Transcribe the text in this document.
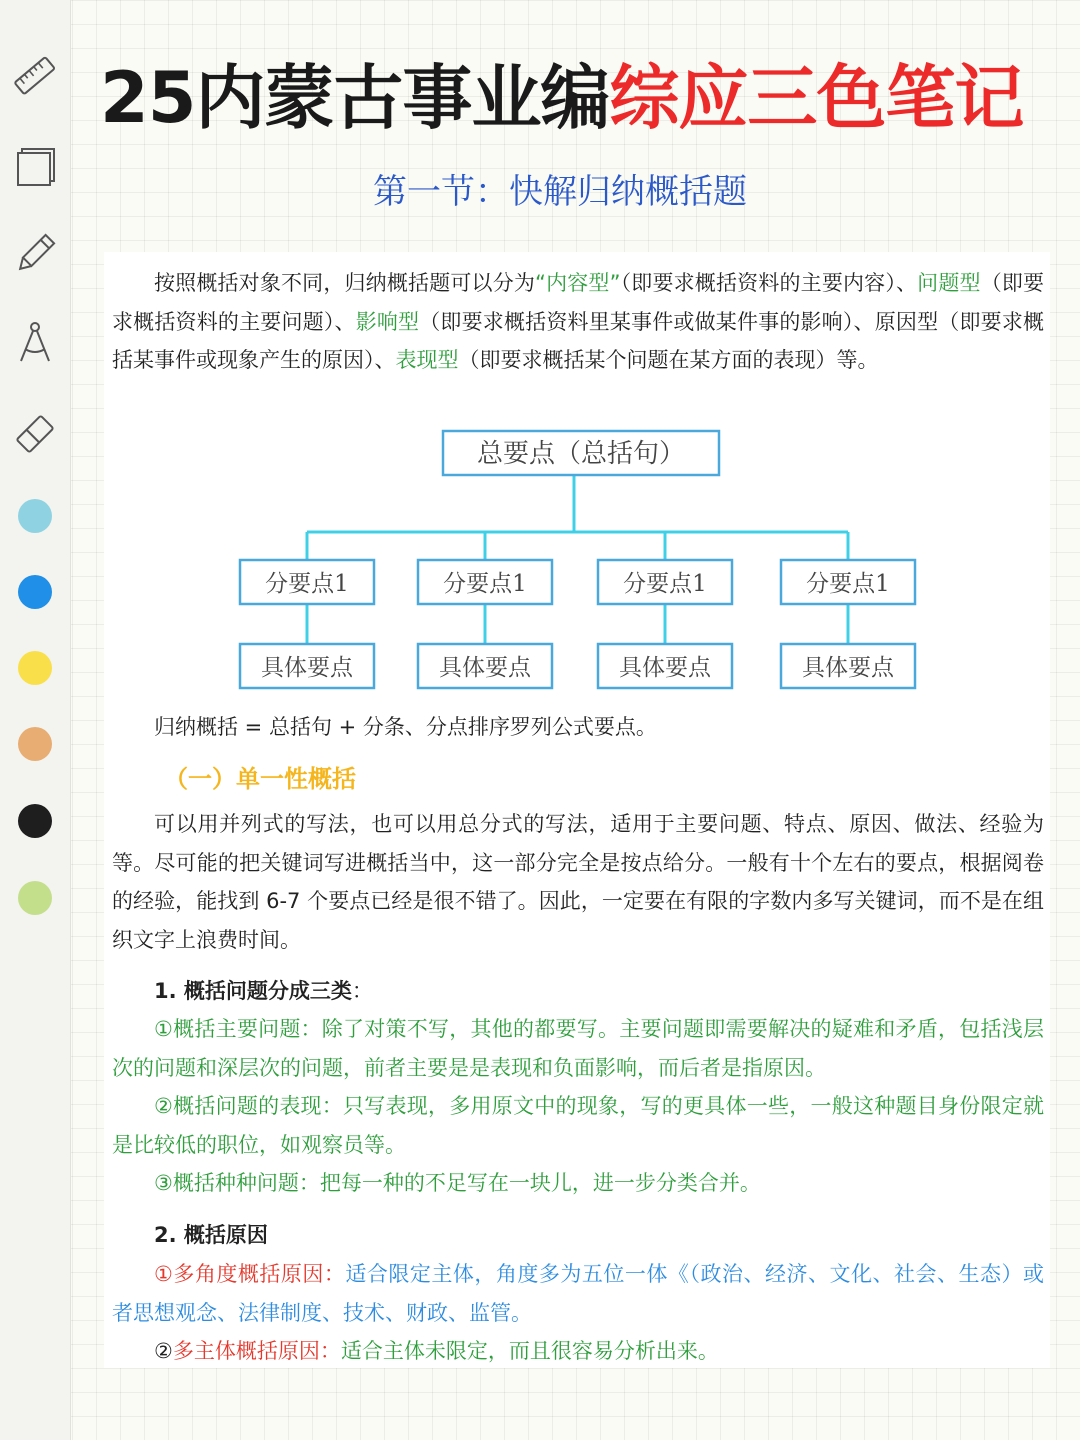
25内蒙古事业编综应三色笔记
第一节：快解归纳概括题
按照概括对象不同，归纳概括题可以分为“内容型”（即要求概括资料的主要内容）、问题型（即要求概括资料的主要问题）、影响型（即要求概括资料里某事件或做某件事的影响）、原因型（即要求概括某事件或现象产生的原因）、表现型（即要求概括某个问题在某方面的表现）等。
总要点（总括句）
分要点1
具体要点
分要点1
具体要点
分要点1
具体要点
分要点1
具体要点
归纳概括 = 总括句 + 分条、分点排序罗列公式要点。
（一）单一性概括
可以用并列式的写法，也可以用总分式的写法，适用于主要问题、特点、原因、做法、经验为等。尽可能的把关键词写进概括当中，这一部分完全是按点给分。一般有十个左右的要点，根据阅卷的经验，能找到 6-7 个要点已经是很不错了。因此，一定要在有限的字数内多写关键词，而不是在组织文字上浪费时间。
1. 概括问题分成三类：
①概括主要问题：除了对策不写，其他的都要写。主要问题即需要解决的疑难和矛盾，包括浅层次的问题和深层次的问题，前者主要是是表现和负面影响，而后者是指原因。
②概括问题的表现：只写表现，多用原文中的现象，写的更具体一些，一般这种题目身份限定就是比较低的职位，如观察员等。
③概括种种问题：把每一种的不足写在一块儿，进一步分类合并。
2. 概括原因
①多角度概括原因：适合限定主体，角度多为五位一体《（政治、经济、文化、社会、生态）或者思想观念、法律制度、技术、财政、监管。
②多主体概括原因：适合主体未限定，而且很容易分析出来。
